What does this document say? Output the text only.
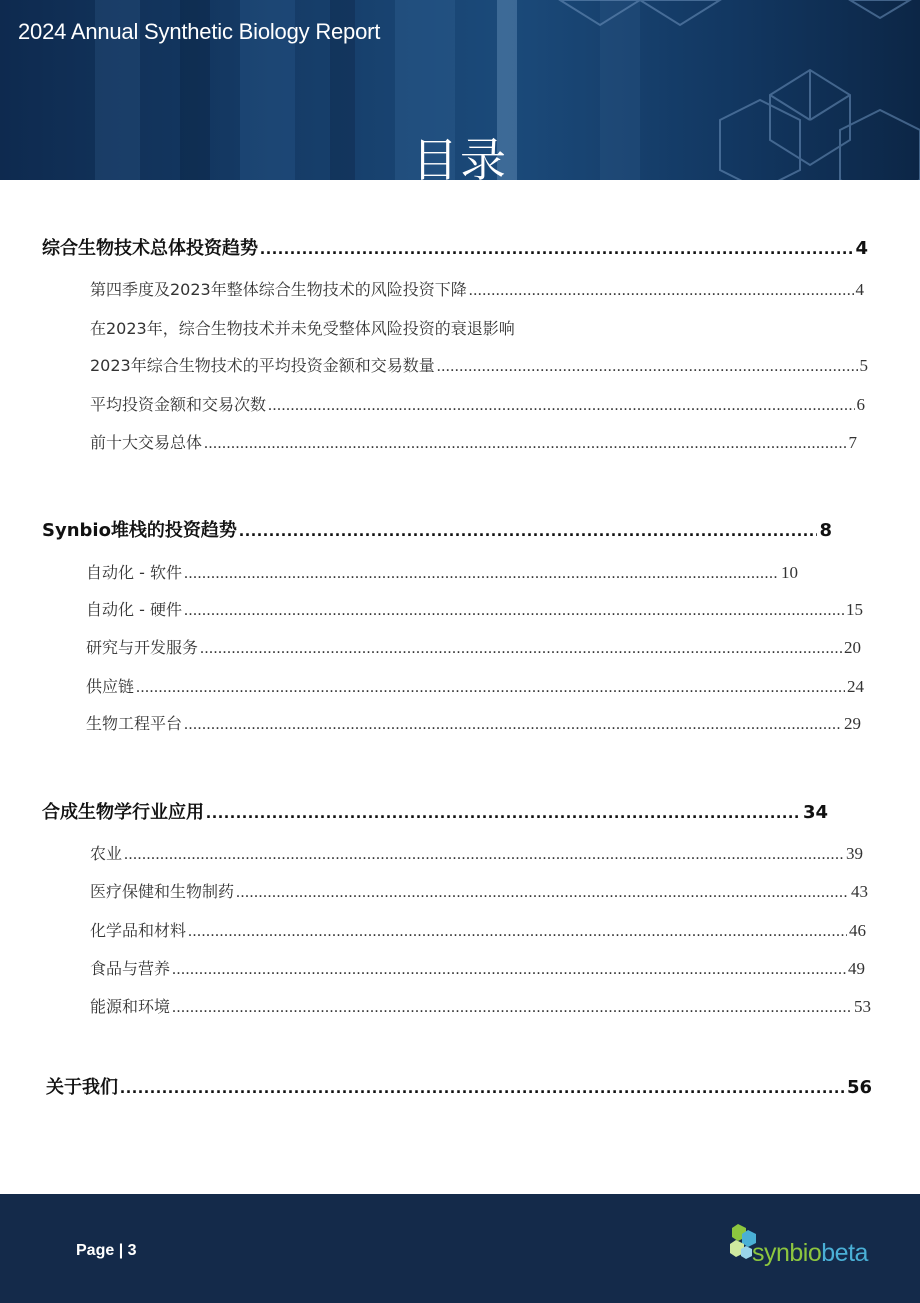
2024 Annual Synthetic Biology Report
目录
综合生物技术总体投资趋势 .....	4
第四季度及2023年整体综合生物技术的风险投资下降 .....	4
在2023年，综合生物技术并未免受整体风险投资的衰退影响
2023年综合生物技术的平均投资金额和交易数量 .....	5
平均投资金额和交易次数 .....	6
前十大交易总体 .....	7
Synbio堆栈的投资趋势 .....	8
自动化 - 软件 .....	10
自动化 - 硬件 .....	15
研究与开发服务 .....	20
供应链 .....	24
生物工程平台 .....	29
合成生物学行业应用 .....	34
农业 .....	39
医疗保健和生物制药 .....	43
化学品和材料 .....	46
食品与营养 .....	49
能源和环境 .....	53
关于我们 .....	56
Page | 3	synbiobeta
